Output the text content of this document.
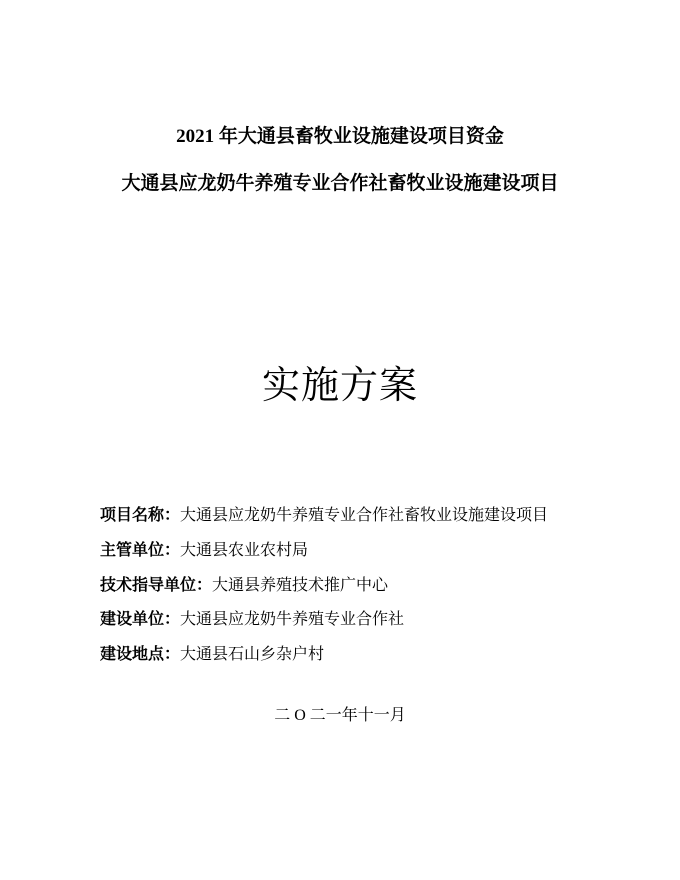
2021 年大通县畜牧业设施建设项目资金
大通县应龙奶牛养殖专业合作社畜牧业设施建设项目
实施方案
项目名称：大通县应龙奶牛养殖专业合作社畜牧业设施建设项目
主管单位：大通县农业农村局
技术指导单位：大通县养殖技术推广中心
建设单位：大通县应龙奶牛养殖专业合作社
建设地点：大通县石山乡杂户村
二 O 二一年十一月
